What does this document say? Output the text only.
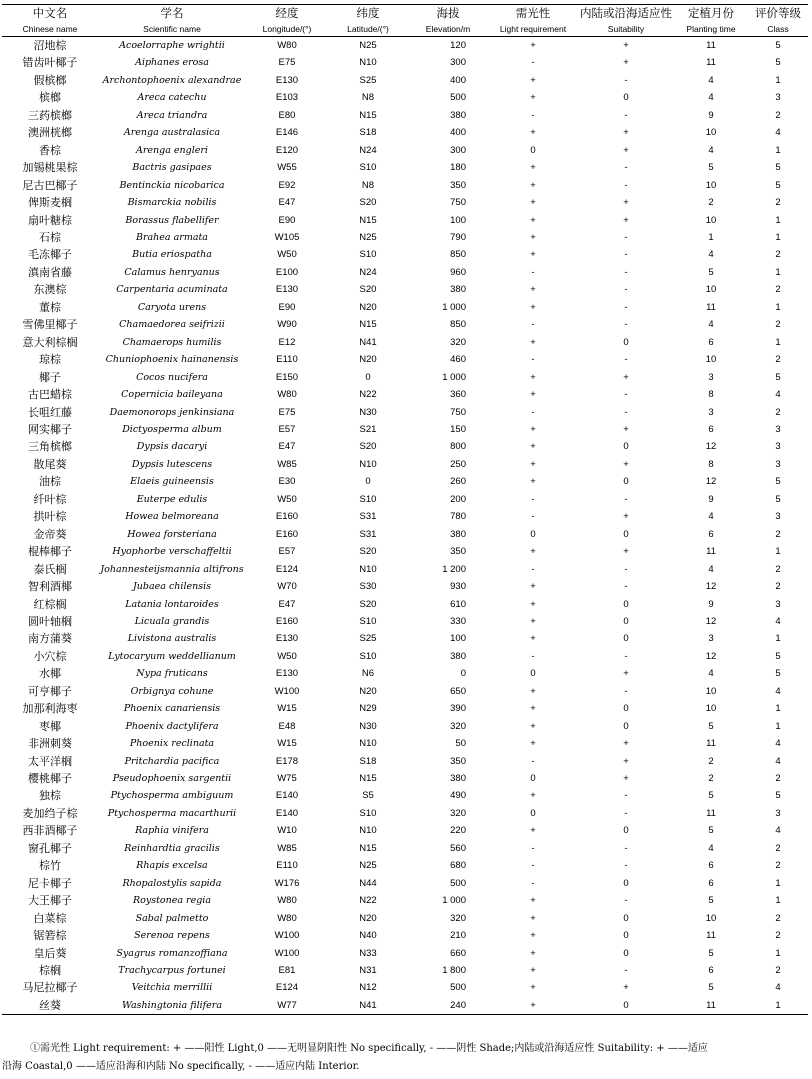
中文名	学名	经度	纬度	海拔	需光性	内陆或沿海适应性	定植月份	评价等级
Chinese name	Scientific name	Longitude/(°)	Latitude/(°)	Elevation/m	Light requirement	Suitability	Planting time	Class
沼地棕	Acoelorraphe wrightii	W80	N25	120	+	+	11	5
错齿叶椰子	Aiphanes erosa	E75	N10	300	-	+	11	5
假槟榔	Archontophoenix alexandrae	E130	S25	400	+	-	4	1
槟榔	Areca catechu	E103	N8	500	+	0	4	3
三药槟榔	Areca triandra	E80	N15	380	-	-	9	2
澳洲桄榔	Arenga australasica	E146	S18	400	+	+	10	4
香棕	Arenga engleri	E120	N24	300	0	+	4	1
加锡桃果棕	Bactris gasipaes	W55	S10	180	+	-	5	5
尼古巴椰子	Bentinckia nicobarica	E92	N8	350	+	-	10	5
俾斯麦榈	Bismarckia nobilis	E47	S20	750	+	+	2	2
扇叶糖棕	Borassus flabellifer	E90	N15	100	+	+	10	1
石棕	Brahea armata	W105	N25	790	+	-	1	1
毛冻椰子	Butia eriospatha	W50	S10	850	+	-	4	2
滇南省藤	Calamus henryanus	E100	N24	960	-	-	5	1
东澳棕	Carpentaria acuminata	E130	S20	380	+	-	10	2
董棕	Caryota urens	E90	N20	1 000	+	-	11	1
雪佛里椰子	Chamaedorea seifrizii	W90	N15	850	-	-	4	2
意大利棕榈	Chamaerops humilis	E12	N41	320	+	0	6	1
琼棕	Chuniophoenix hainanensis	E110	N20	460	-	-	10	2
椰子	Cocos nucifera	E150	0	1 000	+	+	3	5
古巴蜡棕	Copernicia baileyana	W80	N22	360	+	-	8	4
长咀红藤	Daemonorops jenkinsiana	E75	N30	750	-	-	3	2
网实椰子	Dictyosperma album	E57	S21	150	+	+	6	3
三角槟榔	Dypsis dacaryi	E47	S20	800	+	0	12	3
散尾葵	Dypsis lutescens	W85	N10	250	+	+	8	3
油棕	Elaeis guineensis	E30	0	260	+	0	12	5
纤叶棕	Euterpe edulis	W50	S10	200	-	-	9	5
拱叶棕	Howea belmoreana	E160	S31	780	-	+	4	3
金帝葵	Howea forsteriana	E160	S31	380	0	0	6	2
棍棒椰子	Hyophorbe verschaffeltii	E57	S20	350	+	+	11	1
泰氏榈	Johannesteijsmannia altifrons	E124	N10	1 200	-	-	4	2
智利酒椰	Jubaea chilensis	W70	S30	930	+	-	12	2
红棕榈	Latania lontaroides	E47	S20	610	+	0	9	3
圆叶轴榈	Licuala grandis	E160	S10	330	+	0	12	4
南方蒲葵	Livistona australis	E130	S25	100	+	0	3	1
小穴棕	Lytocaryum weddellianum	W50	S10	380	-	-	12	5
水椰	Nypa fruticans	E130	N6	0	0	+	4	5
可亨椰子	Orbignya cohune	W100	N20	650	+	-	10	4
加那利海枣	Phoenix canariensis	W15	N29	390	+	0	10	1
枣椰	Phoenix dactylifera	E48	N30	320	+	0	5	1
非洲刺葵	Phoenix reclinata	W15	N10	50	+	+	11	4
太平洋榈	Pritchardia pacifica	E178	S18	350	-	+	2	4
樱桃椰子	Pseudophoenix sargentii	W75	N15	380	0	+	2	2
独棕	Ptychosperma ambiguum	E140	S5	490	+	-	5	5
麦加绉子棕	Ptychosperma macarthurii	E140	S10	320	0	-	11	3
西非酒椰子	Raphia vinifera	W10	N10	220	+	0	5	4
窗孔椰子	Reinhardtia gracilis	W85	N15	560	-	-	4	2
棕竹	Rhapis excelsa	E110	N25	680	-	-	6	2
尼卡椰子	Rhopalostylis sapida	W176	N44	500	-	0	6	1
大王椰子	Roystonea regia	W80	N22	1 000	+	-	5	1
白菜棕	Sabal palmetto	W80	N20	320	+	0	10	2
锯箬棕	Serenoa repens	W100	N40	210	+	0	11	2
皇后葵	Syagrus romanzoffiana	W100	N33	660	+	0	5	1
棕榈	Trachycarpus fortunei	E81	N31	1 800	+	-	6	2
马尼拉椰子	Veitchia merrillii	E124	N12	500	+	+	5	4
丝葵	Washingtonia filifera	W77	N41	240	+	0	11	1

①需光性 Light requirement: + ——阳性 Light,0 ——无明显阴阳性 No specifically, - ——阴性 Shade;内陆或沿海适应性 Suitability: + ——适应

沿海 Coastal,0 ——适应沿海和内陆 No specifically, - ——适应内陆 Interior.
